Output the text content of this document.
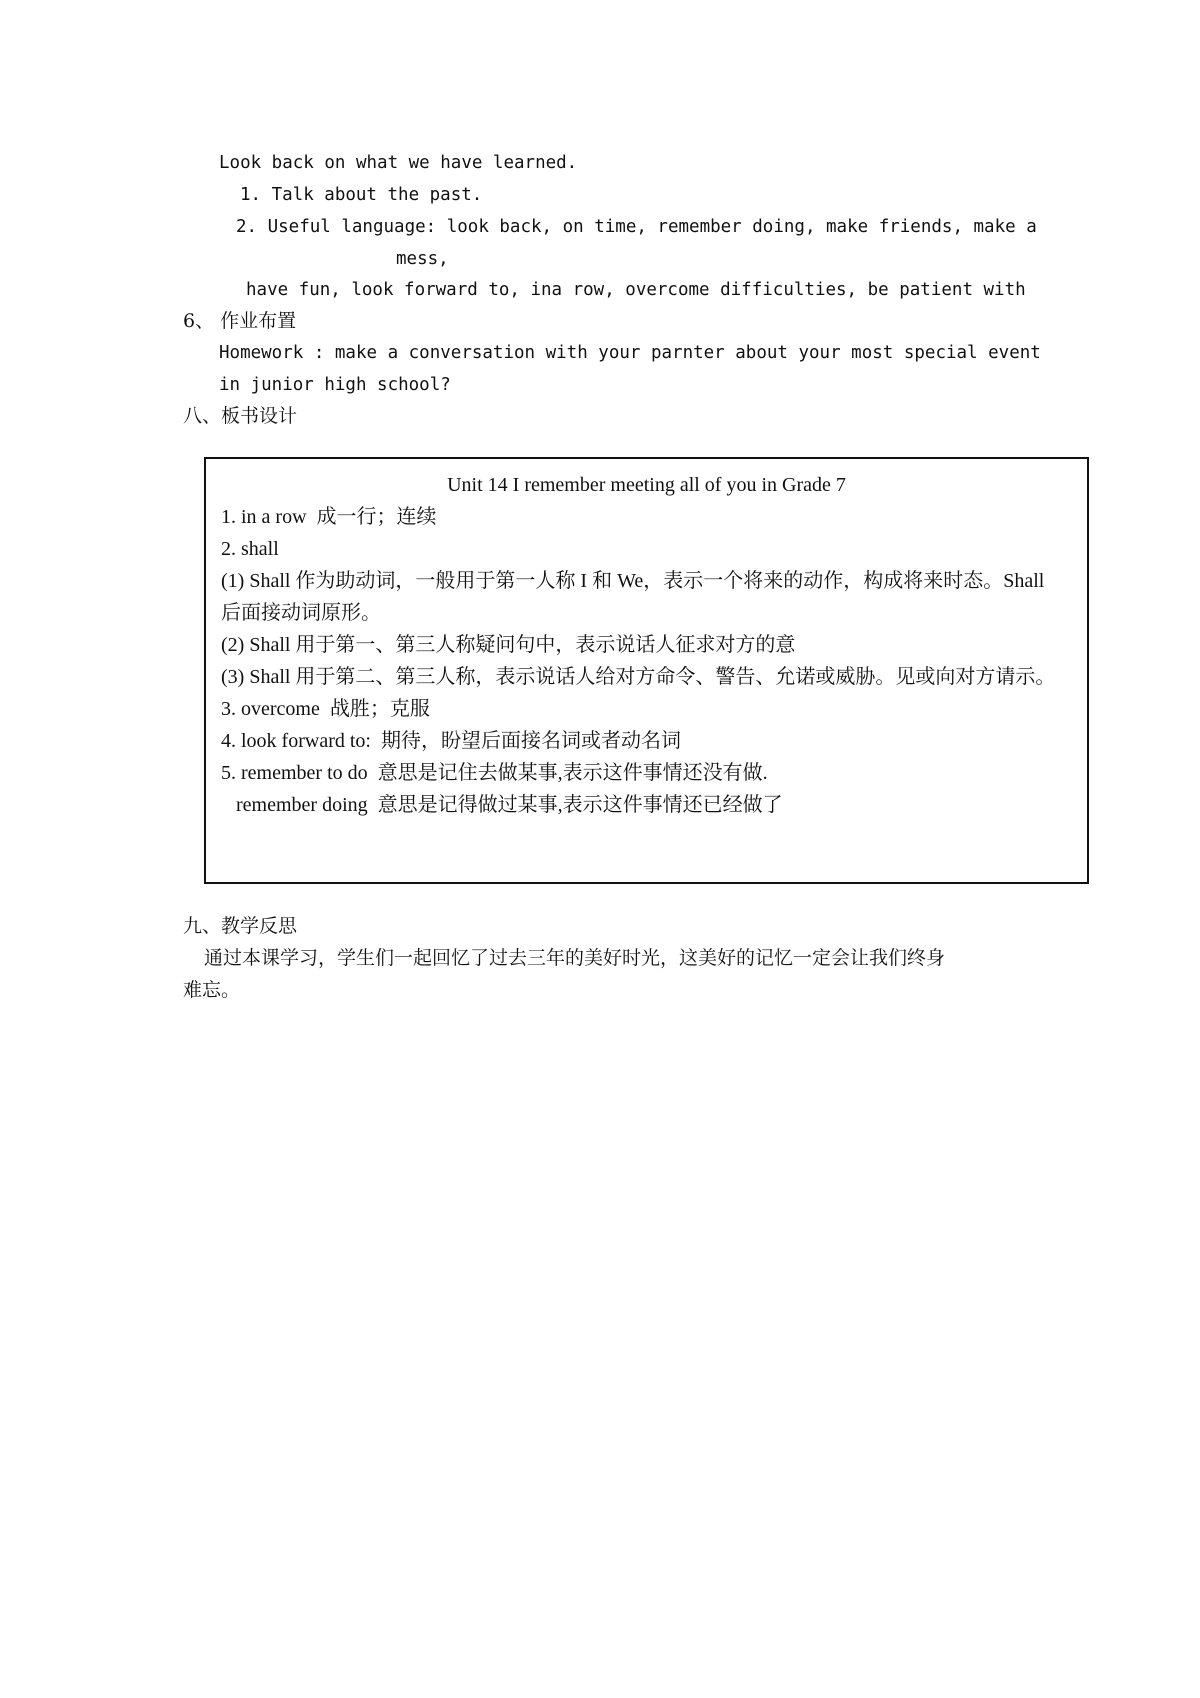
Look back on what we have learned.
1. Talk about the past.
2. Useful language: look back, on time, remember doing, make friends, make a
mess,
have fun, look forward to, ina row, overcome difficulties, be patient with
6、 作业布置
Homework : make a conversation with your parnter about your most special event
in junior high school?
八、板书设计
Unit 14 I remember meeting all of you in Grade 7
1. in a row  成一行；连续
2. shall
(1) Shall 作为助动词，一般用于第一人称 I 和 We，表示一个将来的动作，构成将来时态。Shall
后面接动词原形。
(2) Shall 用于第一、第三人称疑问句中，表示说话人征求对方的意
(3) Shall 用于第二、第三人称，表示说话人给对方命令、警告、允诺或威胁。见或向对方请示。
3. overcome  战胜；克服
4. look forward to:  期待，盼望后面接名词或者动名词
5. remember to do  意思是记住去做某事,表示这件事情还没有做.
remember doing  意思是记得做过某事,表示这件事情还已经做了
九、教学反思
通过本课学习，学生们一起回忆了过去三年的美好时光，这美好的记忆一定会让我们终身
难忘。
